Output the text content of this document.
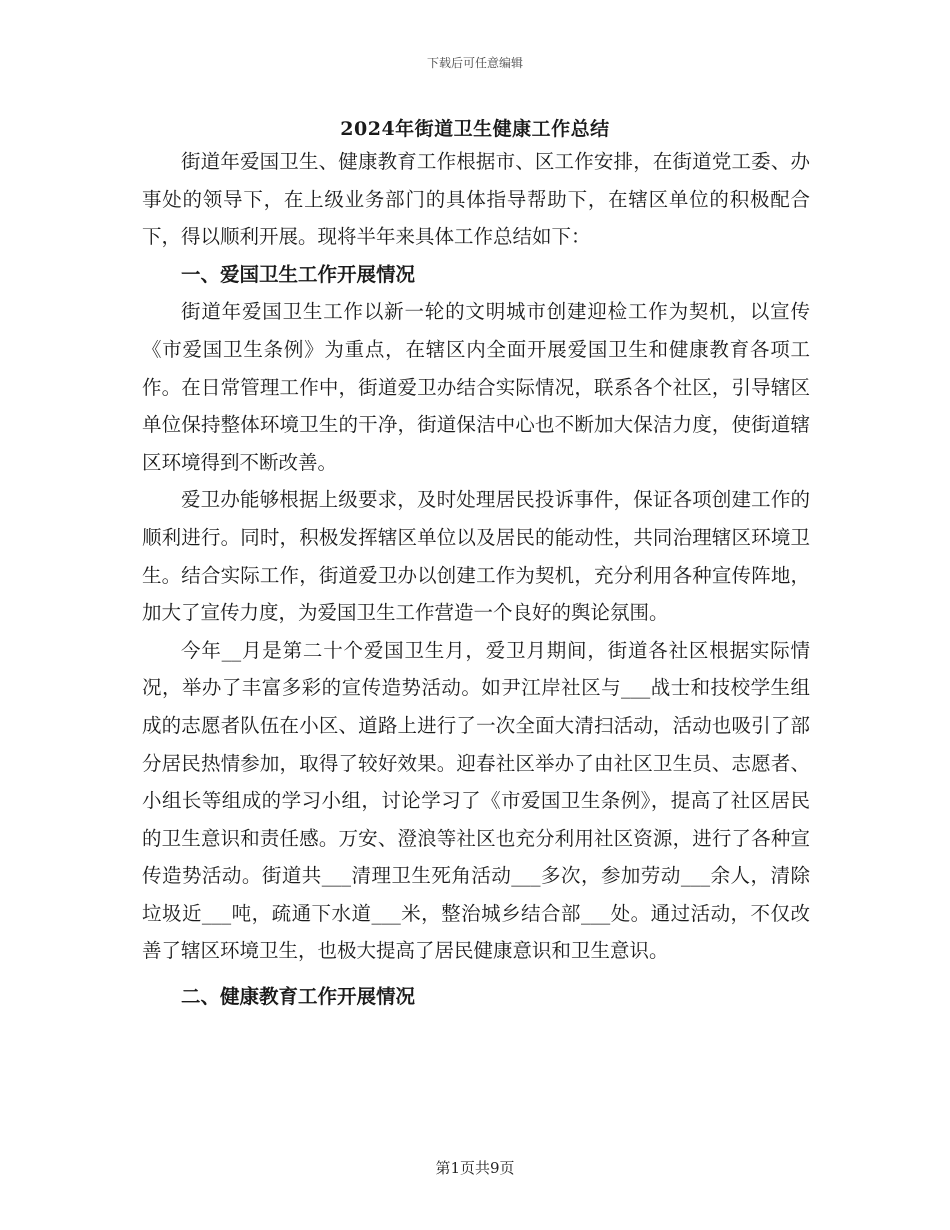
下载后可任意编辑
2024年街道卫生健康工作总结

街道年爱国卫生、健康教育工作根据市、区工作安排，在街道党工委、办事处的领导下，在上级业务部门的具体指导帮助下，在辖区单位的积极配合下，得以顺利开展。现将半年来具体工作总结如下：

一、爱国卫生工作开展情况

街道年爱国卫生工作以新一轮的文明城市创建迎检工作为契机，以宣传《市爱国卫生条例》为重点，在辖区内全面开展爱国卫生和健康教育各项工作。在日常管理工作中，街道爱卫办结合实际情况，联系各个社区，引导辖区单位保持整体环境卫生的干净，街道保洁中心也不断加大保洁力度，使街道辖区环境得到不断改善。

爱卫办能够根据上级要求，及时处理居民投诉事件，保证各项创建工作的顺利进行。同时，积极发挥辖区单位以及居民的能动性，共同治理辖区环境卫生。结合实际工作，街道爱卫办以创建工作为契机，充分利用各种宣传阵地，加大了宣传力度，为爱国卫生工作营造一个良好的舆论氛围。

今年__月是第二十个爱国卫生月，爱卫月期间，街道各社区根据实际情况，举办了丰富多彩的宣传造势活动。如尹江岸社区与___战士和技校学生组成的志愿者队伍在小区、道路上进行了一次全面大清扫活动，活动也吸引了部分居民热情参加，取得了较好效果。迎春社区举办了由社区卫生员、志愿者、小组长等组成的学习小组，讨论学习了《市爱国卫生条例》，提高了社区居民的卫生意识和责任感。万安、澄浪等社区也充分利用社区资源，进行了各种宣传造势活动。街道共___清理卫生死角活动___多次，参加劳动___余人，清除垃圾近___吨，疏通下水道___米，整治城乡结合部___处。通过活动，不仅改善了辖区环境卫生，也极大提高了居民健康意识和卫生意识。

二、健康教育工作开展情况
第1页共9页
